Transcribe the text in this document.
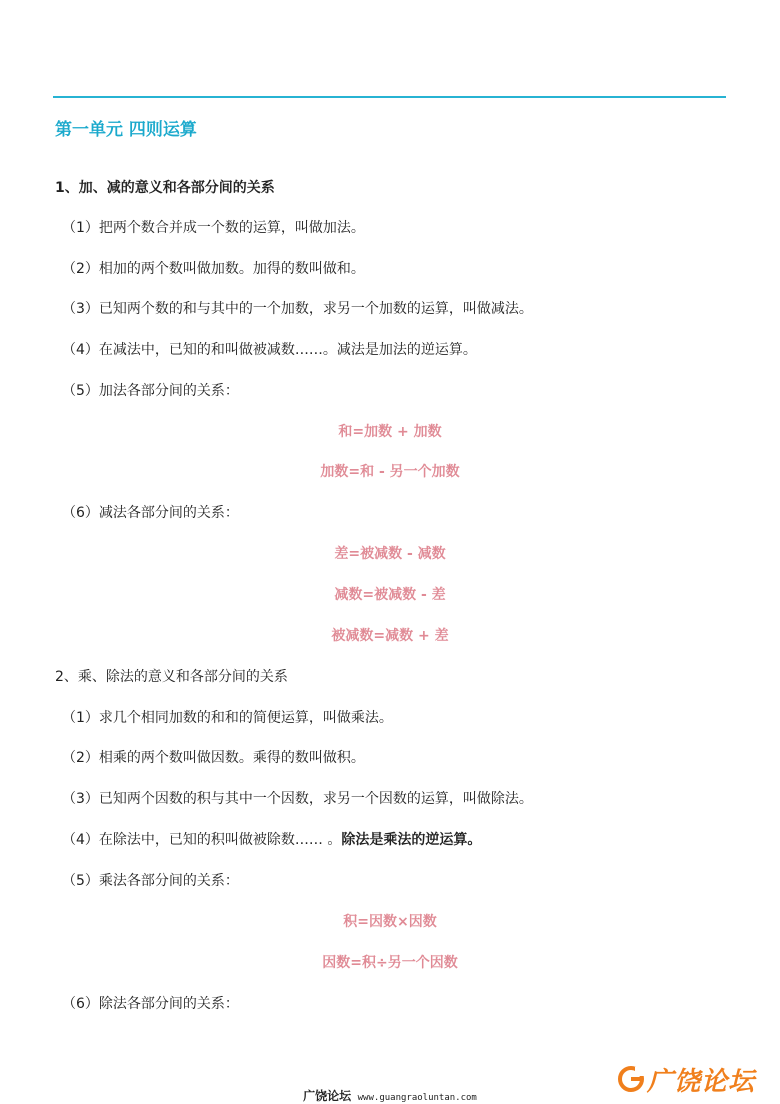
第一单元 四则运算
1、加、减的意义和各部分间的关系
（1）把两个数合并成一个数的运算，叫做加法。
（2）相加的两个数叫做加数。加得的数叫做和。
（3）已知两个数的和与其中的一个加数，求另一个加数的运算，叫做减法。
（4）在减法中，已知的和叫做被减数……。减法是加法的逆运算。
（5）加法各部分间的关系：
和=加数 + 加数
加数=和 - 另一个加数
（6）减法各部分间的关系：
差=被减数 - 减数
减数=被减数 - 差
被减数=减数 + 差
2、乘、除法的意义和各部分间的关系
（1）求几个相同加数的和和的简便运算，叫做乘法。
（2）相乘的两个数叫做因数。乘得的数叫做积。
（3）已知两个因数的积与其中一个因数，求另一个因数的运算，叫做除法。
（4）在除法中，已知的积叫做被除数…… 。除法是乘法的逆运算。
（5）乘法各部分间的关系：
积=因数×因数
因数=积÷另一个因数
（6）除法各部分间的关系：
广饶论坛
广饶论坛 www.guangraoluntan.com
